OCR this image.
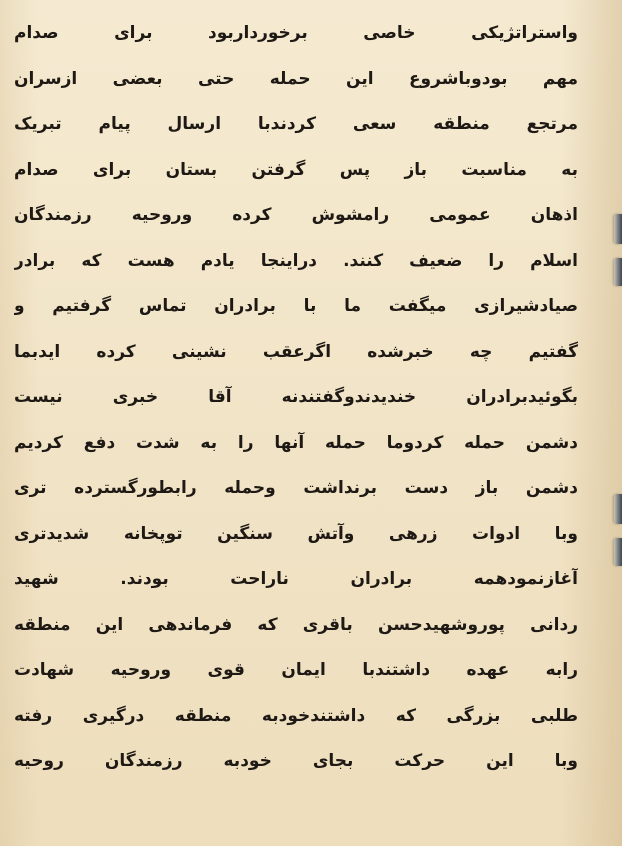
واستراتژیکی خاصی برخورداربود برای صدام
مهم بودوباشروع این حمله حتی بعضی ازسران
مرتجع منطقه سعی کردندبا ارسال پیام تبریک
به مناسبت باز پس گرفتن بستان برای صدام
اذهان عمومی رامشوش کرده وروحیه رزمندگان
اسلام را ضعیف کنند. دراینجا یادم هست که برادر
صیادشیرازی میگفت ما با برادران تماس گرفتیم و
گفتیم چه خبرشده اگرعقب نشینی کرده ایدبما
بگوئیدبرادران خندیدندوگفتندنه آقا خبری نیست
دشمن حمله کردوما حمله آنها را به شدت دفع کردیم
دشمن باز دست برنداشت وحمله رابطورگسترده تری
وبا ادوات زرهی وآتش سنگین توپخانه شدیدتری
آغازنمودهمه برادران ناراحت بودند. شهید
ردانی پوروشهیدحسن باقری که فرماندهی این منطقه
رابه عهده داشتندبا ایمان قوی وروحیه شهادت
طلبی بزرگی که داشتندخودبه منطقه درگیری رفته
وبا این حرکت بجای خودبه رزمندگان روحیه
